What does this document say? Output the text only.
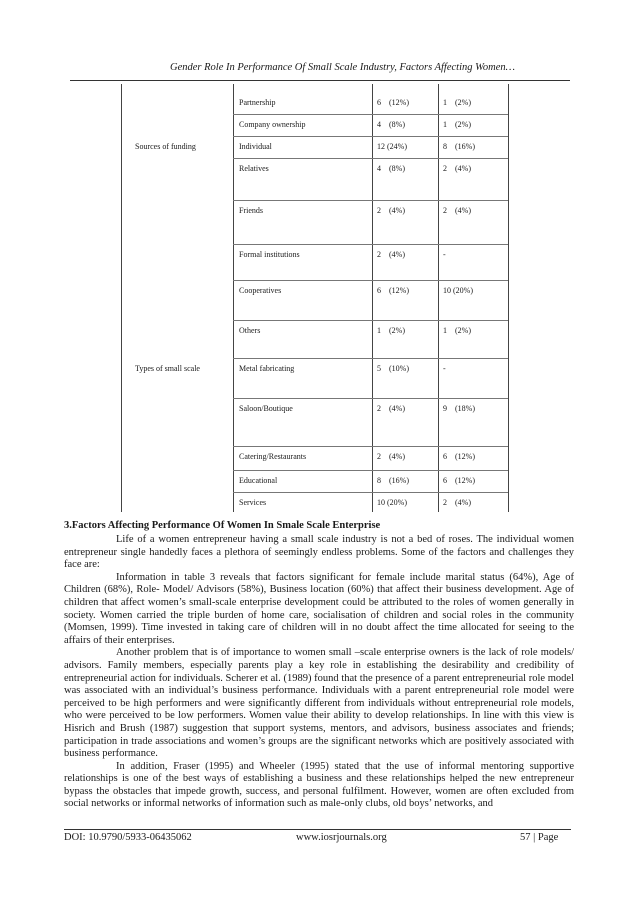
Gender Role In Performance Of Small Scale Industry, Factors Affecting Women…
Partnership	6    (12%)	1    (2%)
Company ownership	4    (8%)	1    (2%)
Sources of funding	Individual	12 (24%)	8    (16%)
Relatives	4    (8%)	2    (4%)
Friends	2    (4%)	2    (4%)
Formal institutions	2    (4%)	-
Cooperatives	6    (12%)	10 (20%)
Others	1    (2%)	1    (2%)
Types of small scale	Metal fabricating	5    (10%)	-
Saloon/Boutique	2    (4%)	9    (18%)
Catering/Restaurants	2    (4%)	6    (12%)
Educational	8    (16%)	6    (12%)
Services	10 (20%)	2    (4%)
3.Factors Affecting Performance Of Women In Smale Scale Enterprise

Life of a women entrepreneur having a small scale industry is not a bed of roses. The individual women entrepreneur single handedly faces a plethora of seemingly endless problems. Some of the factors and challenges they face are:

Information in table 3 reveals that factors significant for female include marital status (64%), Age of Children (68%), Role- Model/ Advisors (58%), Business location (60%) that affect their business development. Age of children that affect women’s small-scale enterprise development could be attributed to the roles of women generally in society. Women carried the triple burden of home care, socialisation of children and social roles in the community (Momsen, 1999). Time invested in taking care of children will in no doubt affect the time allocated for seeing to the affairs of their enterprises.

Another problem that is of importance to women small –scale enterprise owners is the lack of role models/ advisors. Family members, especially parents play a key role in establishing the desirability and credibility of entrepreneurial action for individuals. Scherer et al. (1989) found that the presence of a parent entrepreneurial role model was associated with an individual’s business performance. Individuals with a parent entrepreneurial role model were perceived to be high performers and were significantly different from individuals without entrepreneurial role models, who were perceived to be low performers. Women value their ability to develop relationships. In line with this view is Hisrich and Brush (1987) suggestion that support systems, mentors, and advisors, business associates and friends; participation in trade associations and women’s groups are the significant networks which are positively associated with business performance.

In addition, Fraser (1995) and Wheeler (1995) stated that the use of informal mentoring supportive relationships is one of the best ways of establishing a business and these relationships helped the new entrepreneur bypass the obstacles that impede growth, success, and personal fulfilment. However, women are often excluded from social networks or informal networks of information such as male-only clubs, old boys’ networks, and

DOI: 10.9790/5933-06435062	www.iosrjournals.org	57 | Page
